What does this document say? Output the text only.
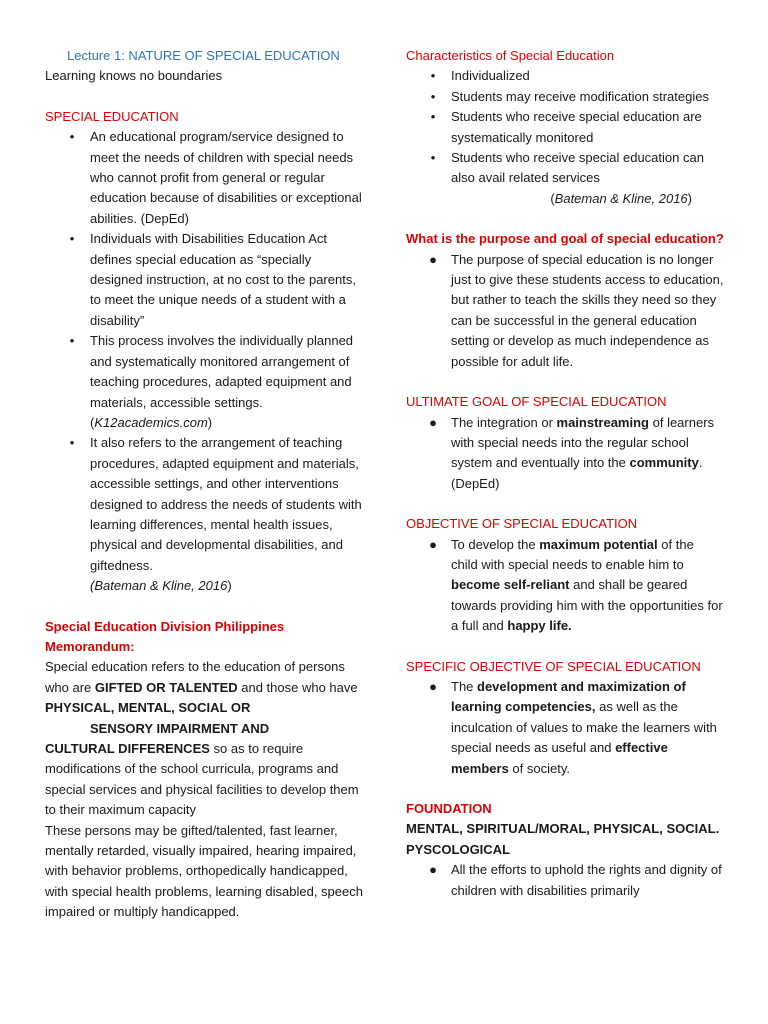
Lecture 1: NATURE OF SPECIAL EDUCATION

Learning knows no boundaries

SPECIAL EDUCATION
• An educational program/service designed to meet the needs of children with special needs who cannot profit from general or regular education because of disabilities or exceptional abilities. (DepEd)
• Individuals with Disabilities Education Act defines special education as “specially designed instruction, at no cost to the parents, to meet the unique needs of a student with a disability”
• This process involves the individually planned and systematically monitored arrangement of teaching procedures, adapted equipment and materials, accessible settings. (K12academics.com)
• It also refers to the arrangement of teaching procedures, adapted equipment and materials, accessible settings, and other interventions designed to address the needs of students with learning differences, mental health issues, physical and developmental disabilities, and giftedness.
(Bateman & Kline, 2016)
Special Education Division Philippines Memorandum:

Special education refers to the education of persons who are GIFTED OR TALENTED and those who have PHYSICAL, MENTAL, SOCIAL OR

SENSORY IMPAIRMENT AND
CULTURAL DIFFERENCES so as to require modifications of the school curricula, programs and special services and physical facilities to develop them to their maximum capacity

These persons may be gifted/talented, fast learner, mentally retarded, visually impaired, hearing impaired, with behavior problems, orthopedically handicapped, with special health problems, learning disabled, speech impaired or multiply handicapped.

Characteristics of Special Education
• Individualized
• Students may receive modification strategies
• Students who receive special education are systematically monitored
• Students who receive special education can also avail related services

(Bateman & Kline, 2016)

What is the purpose and goal of special education?
● The purpose of special education is no longer just to give these students access to education, but rather to teach the skills they need so they can be successful in the general education setting or develop as much independence as possible for adult life.
ULTIMATE GOAL OF SPECIAL EDUCATION
● The integration or mainstreaming of learners with special needs into the regular school system and eventually into the community. (DepEd)
OBJECTIVE OF SPECIAL EDUCATION
● To develop the maximum potential of the child with special needs to enable him to become self-reliant and shall be geared towards providing him with the opportunities for a full and happy life.
SPECIFIC OBJECTIVE OF SPECIAL EDUCATION
● The development and maximization of learning competencies, as well as the inculcation of values to make the learners with special needs as useful and effective members of society.
FOUNDATION

MENTAL, SPIRITUAL/MORAL, PHYSICAL, SOCIAL.

PYSCOLOGICAL

● All the efforts to uphold the rights and dignity of children with disabilities primarily
